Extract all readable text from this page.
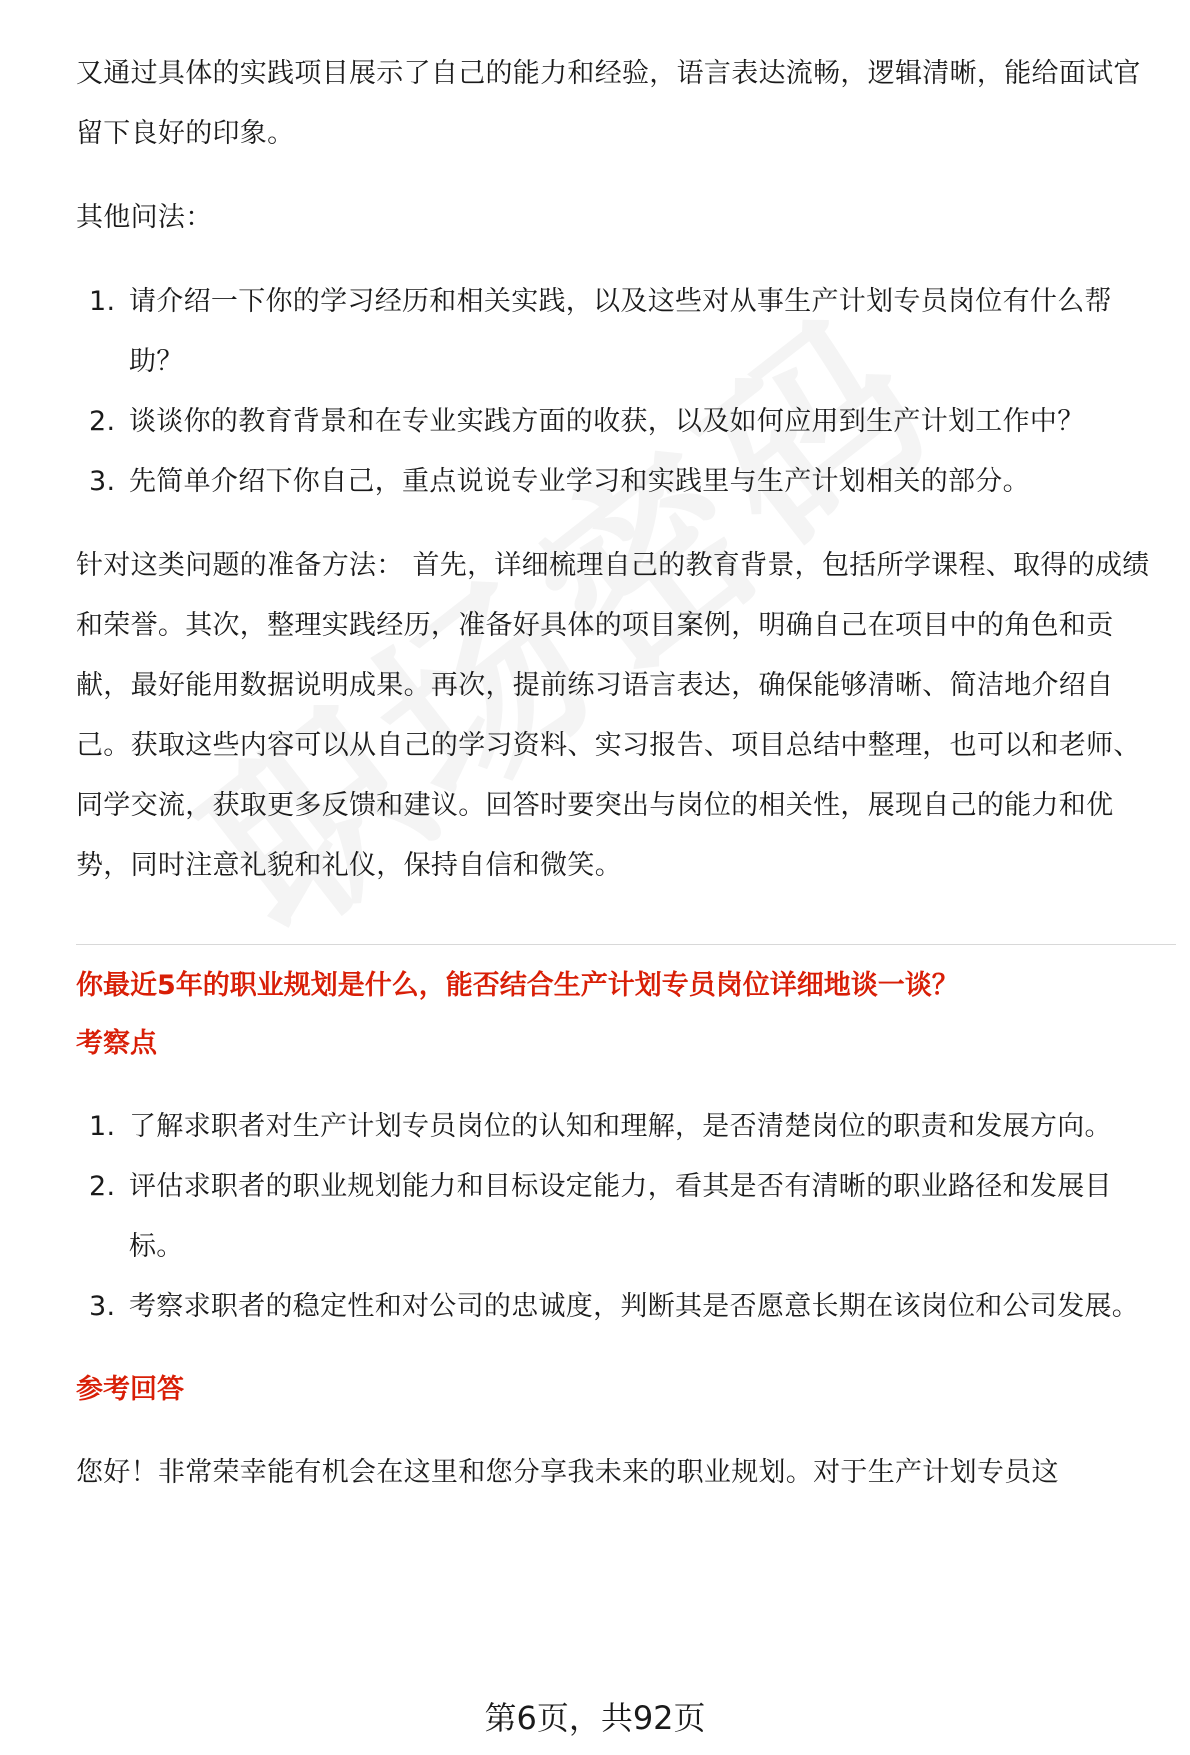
又通过具体的实践项目展示了自己的能力和经验，语言表达流畅，逻辑清晰，能给面试官留下良好的印象。

其他问法：

1. 请介绍一下你的学习经历和相关实践，以及这些对从事生产计划专员岗位有什么帮助？
2. 谈谈你的教育背景和在专业实践方面的收获，以及如何应用到生产计划工作中？
3. 先简单介绍下你自己，重点说说专业学习和实践里与生产计划相关的部分。

针对这类问题的准备方法： 首先，详细梳理自己的教育背景，包括所学课程、取得的成绩和荣誉。其次，整理实践经历，准备好具体的项目案例，明确自己在项目中的角色和贡献，最好能用数据说明成果。再次，提前练习语言表达，确保能够清晰、简洁地介绍自己。获取这些内容可以从自己的学习资料、实习报告、项目总结中整理，也可以和老师、同学交流，获取更多反馈和建议。回答时要突出与岗位的相关性，展现自己的能力和优势，同时注意礼貌和礼仪，保持自信和微笑。

你最近5年的职业规划是什么，能否结合生产计划专员岗位详细地谈一谈？

考察点

1. 了解求职者对生产计划专员岗位的认知和理解，是否清楚岗位的职责和发展方向。
2. 评估求职者的职业规划能力和目标设定能力，看其是否有清晰的职业路径和发展目标。
3. 考察求职者的稳定性和对公司的忠诚度，判断其是否愿意长期在该岗位和公司发展。

参考回答

您好！非常荣幸能有机会在这里和您分享我未来的职业规划。对于生产计划专员这

第6页，共92页
